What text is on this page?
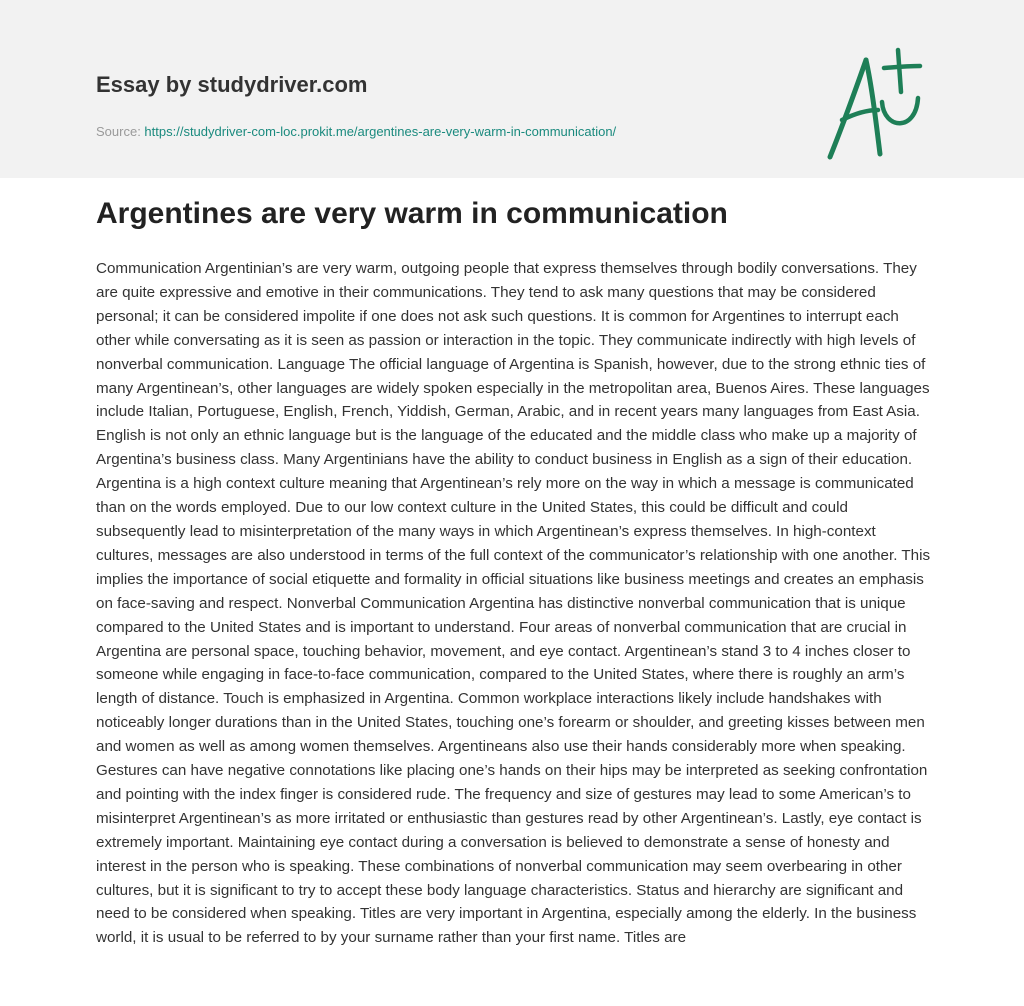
Essay by studydriver.com
Source: https://studydriver-com-loc.prokit.me/argentines-are-very-warm-in-communication/
Argentines are very warm in communication

Communication Argentinian’s are very warm, outgoing people that express themselves through bodily conversations. They are quite expressive and emotive in their communications. They tend to ask many questions that may be considered personal; it can be considered impolite if one does not ask such questions. It is common for Argentines to interrupt each other while conversating as it is seen as passion or interaction in the topic. They communicate indirectly with high levels of nonverbal communication. Language The official language of Argentina is Spanish, however, due to the strong ethnic ties of many Argentinean’s, other languages are widely spoken especially in the metropolitan area, Buenos Aires. These languages include Italian, Portuguese, English, French, Yiddish, German, Arabic, and in recent years many languages from East Asia. English is not only an ethnic language but is the language of the educated and the middle class who make up a majority of Argentina’s business class. Many Argentinians have the ability to conduct business in English as a sign of their education. Argentina is a high context culture meaning that Argentinean’s rely more on the way in which a message is communicated than on the words employed. Due to our low context culture in the United States, this could be difficult and could subsequently lead to misinterpretation of the many ways in which Argentinean’s express themselves. In high-context cultures, messages are also understood in terms of the full context of the communicator’s relationship with one another. This implies the importance of social etiquette and formality in official situations like business meetings and creates an emphasis on face-saving and respect. Nonverbal Communication Argentina has distinctive nonverbal communication that is unique compared to the United States and is important to understand. Four areas of nonverbal communication that are crucial in Argentina are personal space, touching behavior, movement, and eye contact. Argentinean’s stand 3 to 4 inches closer to someone while engaging in face-to-face communication, compared to the United States, where there is roughly an arm’s length of distance. Touch is emphasized in Argentina. Common workplace interactions likely include handshakes with noticeably longer durations than in the United States, touching one’s forearm or shoulder, and greeting kisses between men and women as well as among women themselves. Argentineans also use their hands considerably more when speaking. Gestures can have negative connotations like placing one’s hands on their hips may be interpreted as seeking confrontation and pointing with the index finger is considered rude. The frequency and size of gestures may lead to some American’s to misinterpret Argentinean’s as more irritated or enthusiastic than gestures read by other Argentinean’s. Lastly, eye contact is extremely important. Maintaining eye contact during a conversation is believed to demonstrate a sense of honesty and interest in the person who is speaking. These combinations of nonverbal communication may seem overbearing in other cultures, but it is significant to try to accept these body language characteristics. Status and hierarchy are significant and need to be considered when speaking. Titles are very important in Argentina, especially among the elderly. In the business world, it is usual to be referred to by your surname rather than your first name. Titles are
